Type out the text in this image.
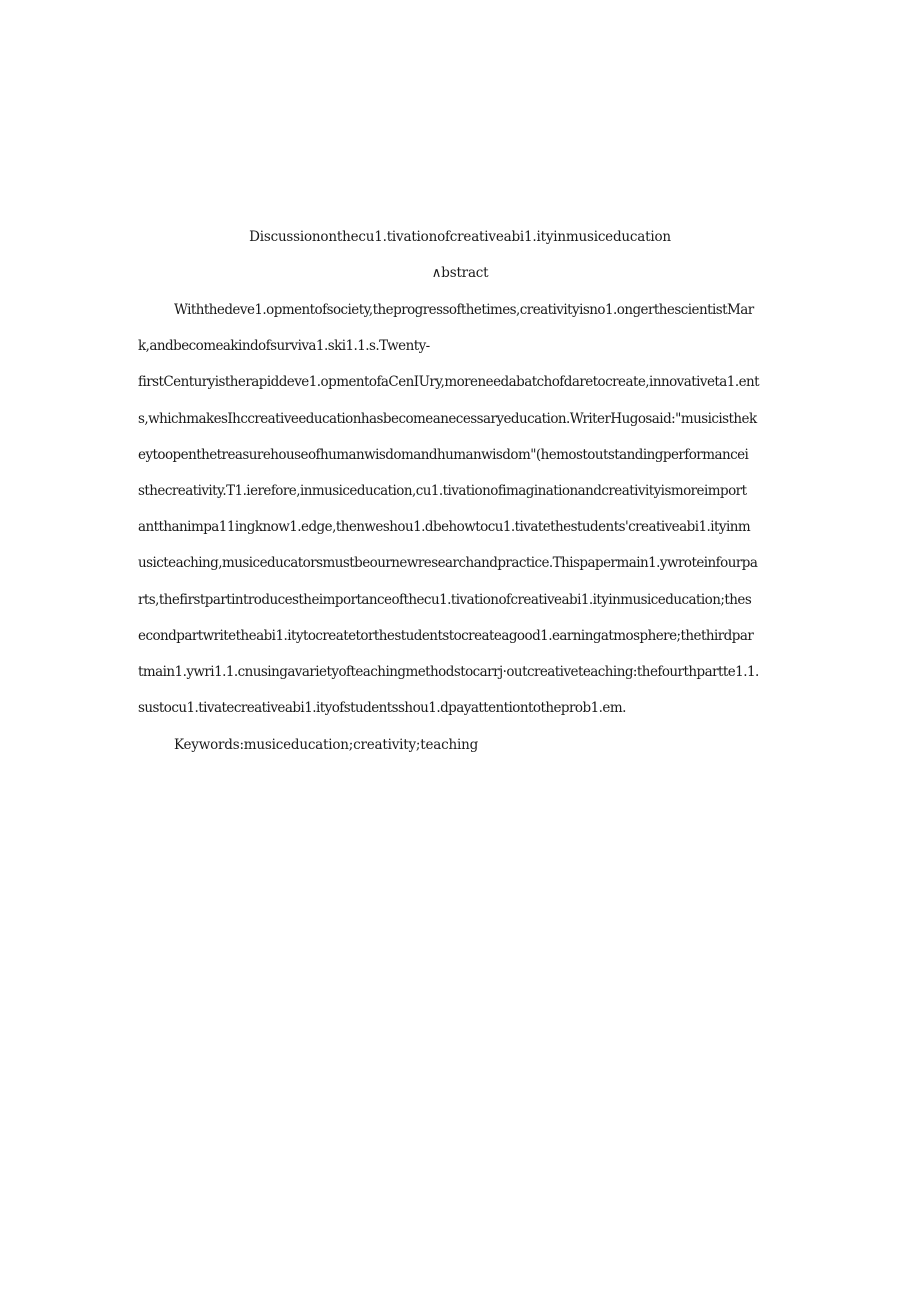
Discussiononthecu1.tivationofcreativeabi1.ityinmusiceducation
∧bstract
Withthedeve1.opmentofsociety,theprogressofthetimes,creativityisno1.ongerthescientistMar
k,andbecomeakindofsurviva1.ski1.1.s.Twenty-
firstCenturyistherapiddeve1.opmentofaCenIUry,moreneedabatchofdaretocreate,innovativeta1.ent
s,whichmakesIhccreativeeducationhasbecomeanecessaryeducation.WriterHugosaid:"musicisthek
eytoopenthetreasurehouseofhumanwisdomandhumanwisdom"(hemostoutstandingperformancei
sthecreativity.T1.ierefore,inmusiceducation,cu1.tivationofimaginationandcreativityismoreimport
antthanimpa11ingknow1.edge,thenweshou1.dbehowtocu1.tivatethestudents'creativeabi1.ityinm
usicteaching,musiceducatorsmustbeournewresearchandpractice.Thispapermain1.ywroteinfourpa
rts,thefirstpartintroducestheimportanceofthecu1.tivationofcreativeabi1.ityinmusiceducation;thes
econdpartwritetheabi1.itytocreatetorthestudentstocreateagood1.earningatmosphere;thethirdpar
tmain1.ywri1.1.cnusingavarietyofteachingmethodstocarrj·outcreativeteaching:thefourthpartte1.1.
sustocu1.tivatecreativeabi1.ityofstudentsshou1.dpayattentiontotheprob1.em.
Keywords:musiceducation;creativity;teaching
